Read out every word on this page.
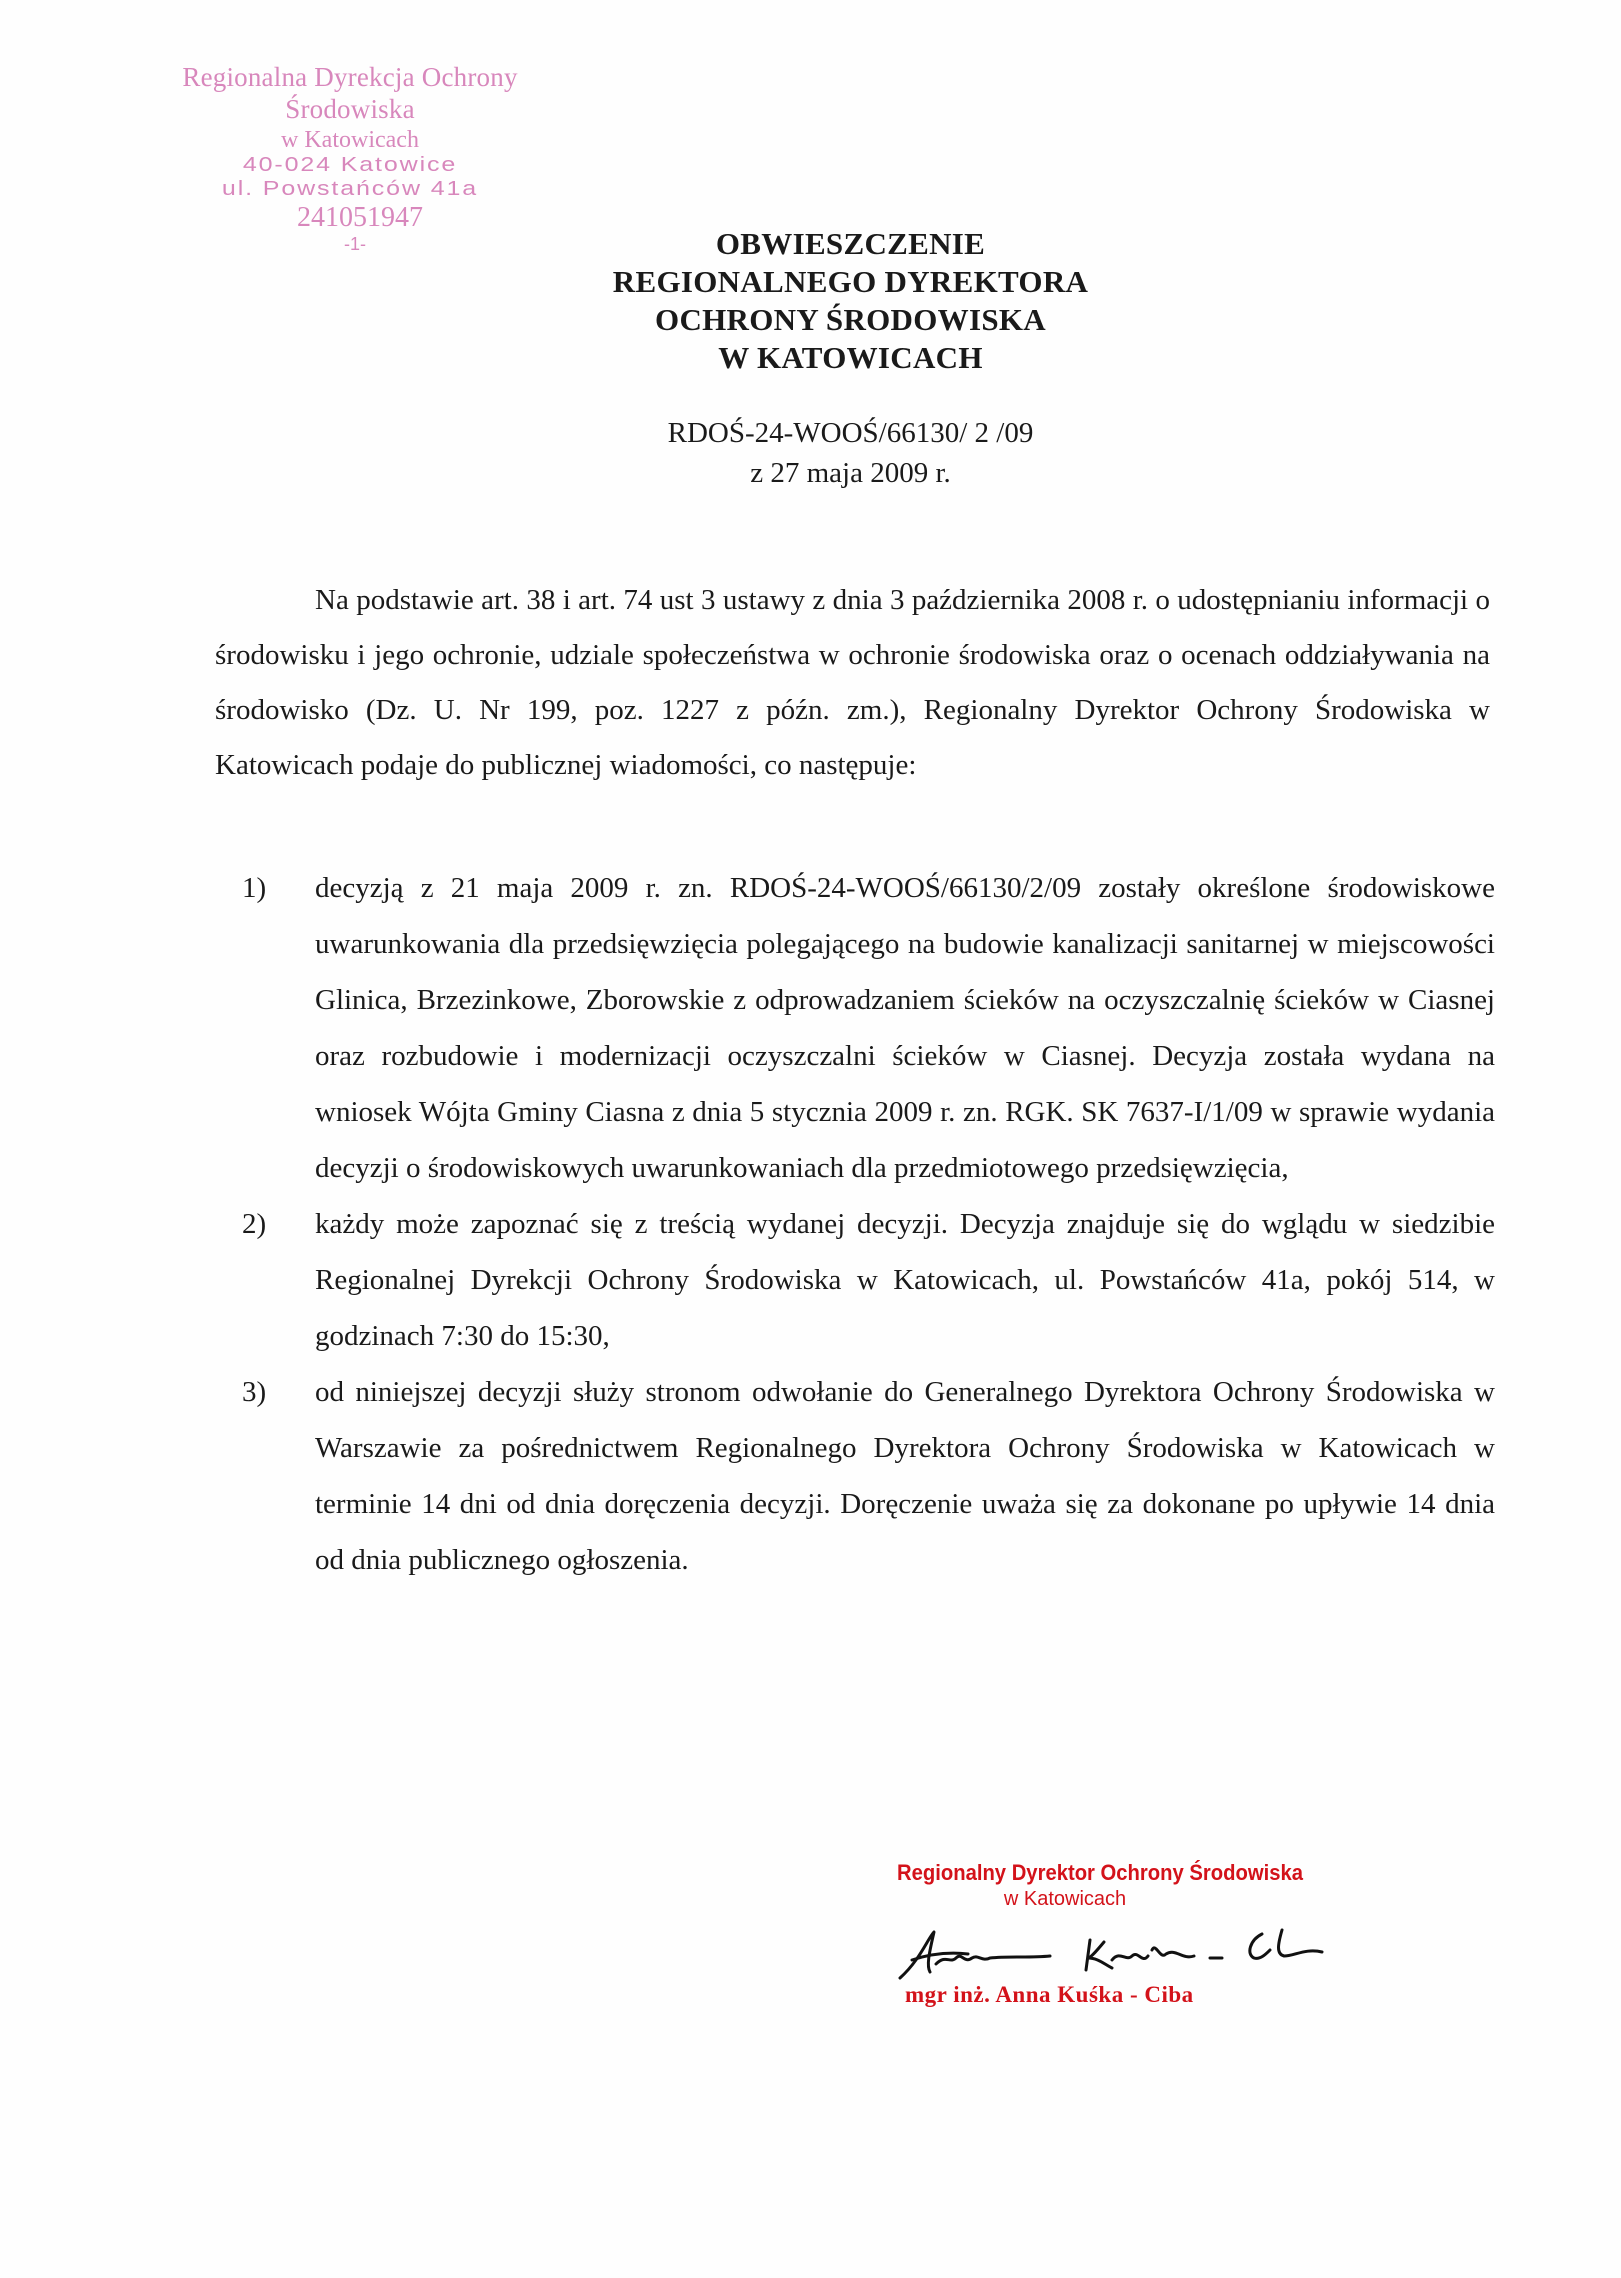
Regionalna Dyrekcja Ochrony Środowiska
w Katowicach
40-024 Katowice
ul. Powstańców 41a
241051947
-1-	OBWIESZCZENIE
REGIONALNEGO DYREKTORA
OCHRONY ŚRODOWISKA
W KATOWICACH
RDOŚ-24-WOOŚ/66130/ 2 /09
z 27 maja 2009 r.
Na podstawie art. 38 i art. 74 ust 3 ustawy z dnia 3 października 2008 r. o udostępnianiu informacji o środowisku i jego ochronie, udziale społeczeństwa w ochronie środowiska oraz o ocenach oddziaływania na środowisko (Dz. U. Nr 199, poz. 1227 z późn. zm.), Regionalny Dyrektor Ochrony Środowiska w Katowicach podaje do publicznej wiadomości, co następuje:
1) decyzją z 21 maja 2009 r. zn. RDOŚ-24-WOOŚ/66130/2/09 zostały określone środowiskowe uwarunkowania dla przedsięwzięcia polegającego na budowie kanalizacji sanitarnej w miejscowości Glinica, Brzezinkowe, Zborowskie z odprowadzaniem ścieków na oczyszczalnię ścieków w Ciasnej oraz rozbudowie i modernizacji oczyszczalni ścieków w Ciasnej. Decyzja została wydana na wniosek Wójta Gminy Ciasna z dnia 5 stycznia 2009 r. zn. RGK. SK 7637-I/1/09 w sprawie wydania decyzji o środowiskowych uwarunkowaniach dla przedmiotowego przedsięwzięcia,
2) każdy może zapoznać się z treścią wydanej decyzji. Decyzja znajduje się do wglądu w siedzibie Regionalnej Dyrekcji Ochrony Środowiska w Katowicach, ul. Powstańców 41a, pokój 514, w godzinach 7:30 do 15:30,
3) od niniejszej decyzji służy stronom odwołanie do Generalnego Dyrektora Ochrony Środowiska w Warszawie za pośrednictwem Regionalnego Dyrektora Ochrony Środowiska w Katowicach w terminie 14 dni od dnia doręczenia decyzji. Doręczenie uważa się za dokonane po upływie 14 dnia od dnia publicznego ogłoszenia.
Regionalny Dyrektor Ochrony Środowiska
w Katowicach
mgr inż. Anna Kuśka - Ciba
